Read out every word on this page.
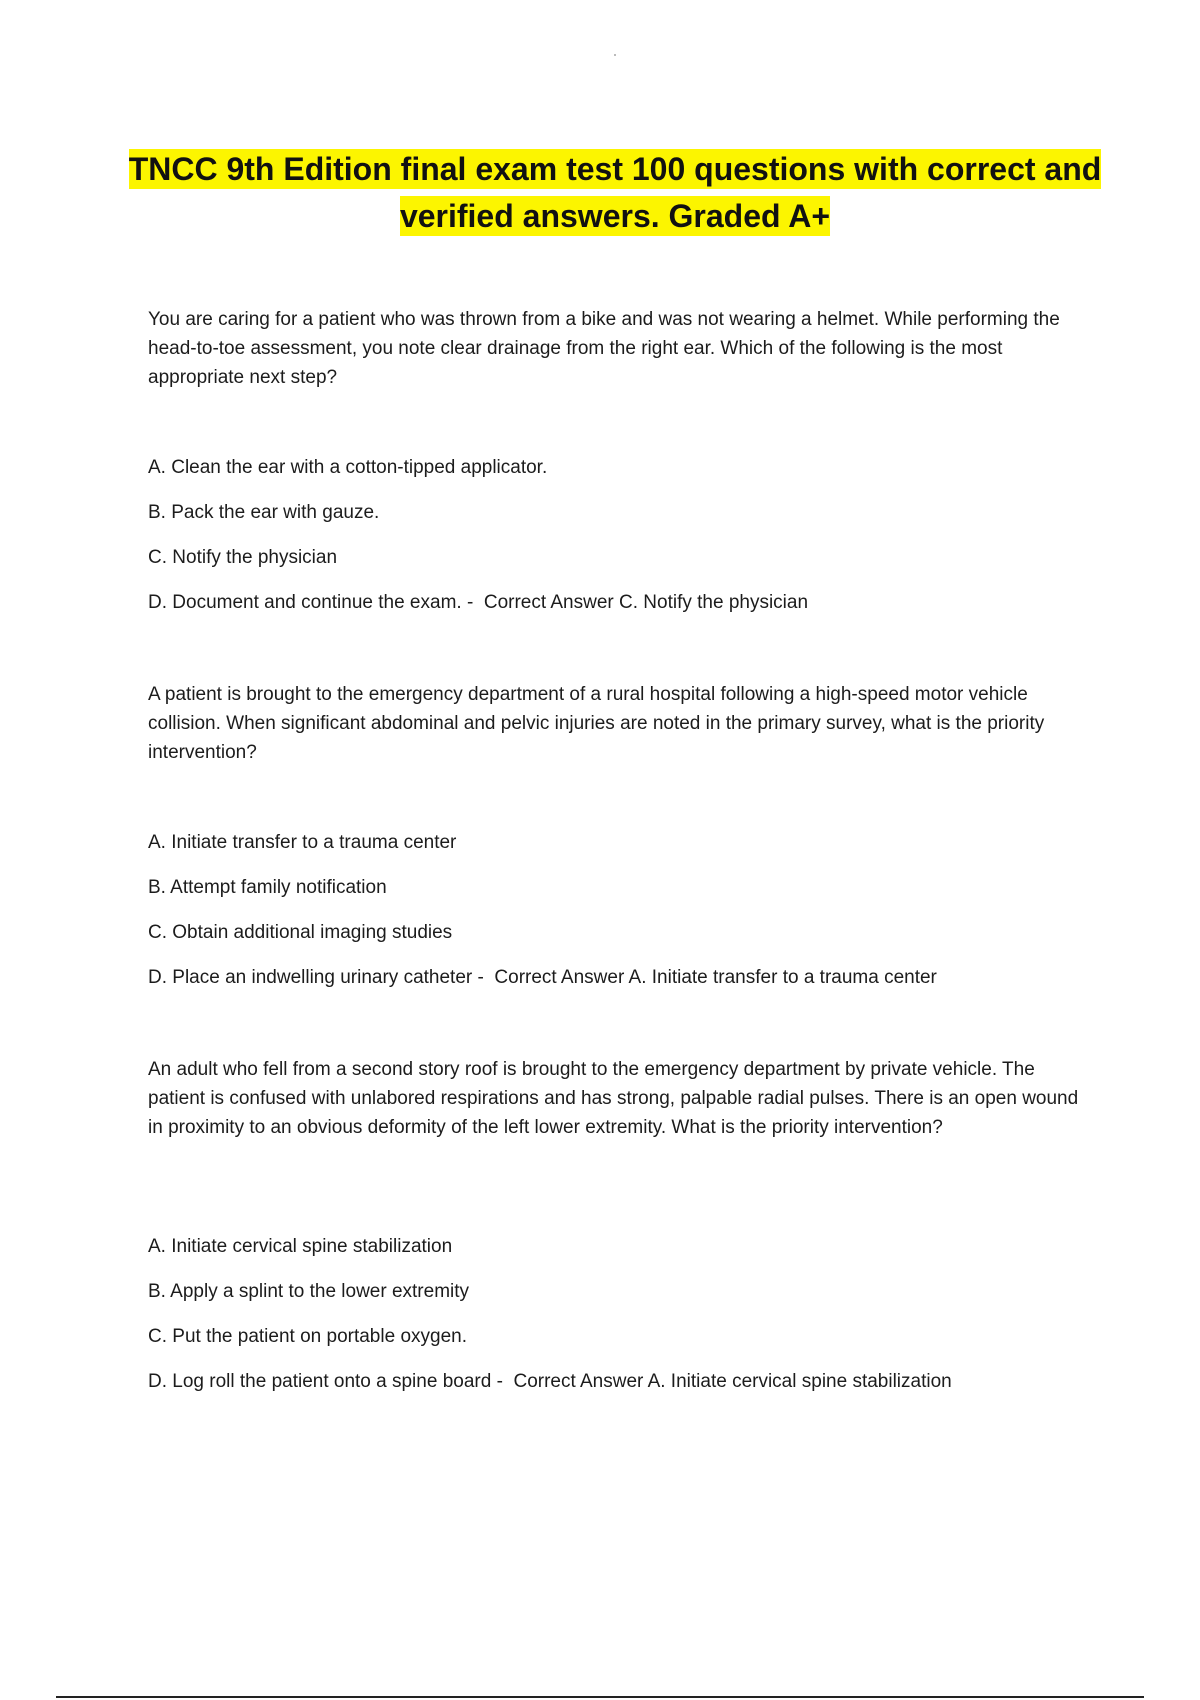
TNCC 9th Edition final exam test 100 questions with correct and verified answers. Graded A+
You are caring for a patient who was thrown from a bike and was not wearing a helmet. While performing the head-to-toe assessment, you note clear drainage from the right ear. Which of the following is the most appropriate next step?
A. Clean the ear with a cotton-tipped applicator.
B. Pack the ear with gauze.
C. Notify the physician
D. Document and continue the exam. -  Correct Answer C. Notify the physician
A patient is brought to the emergency department of a rural hospital following a high-speed motor vehicle collision. When significant abdominal and pelvic injuries are noted in the primary survey, what is the priority intervention?
A. Initiate transfer to a trauma center
B. Attempt family notification
C. Obtain additional imaging studies
D. Place an indwelling urinary catheter -  Correct Answer A. Initiate transfer to a trauma center
An adult who fell from a second story roof is brought to the emergency department by private vehicle. The patient is confused with unlabored respirations and has strong, palpable radial pulses. There is an open wound in proximity to an obvious deformity of the left lower extremity. What is the priority intervention?
A. Initiate cervical spine stabilization
B. Apply a splint to the lower extremity
C. Put the patient on portable oxygen.
D. Log roll the patient onto a spine board -  Correct Answer A. Initiate cervical spine stabilization
